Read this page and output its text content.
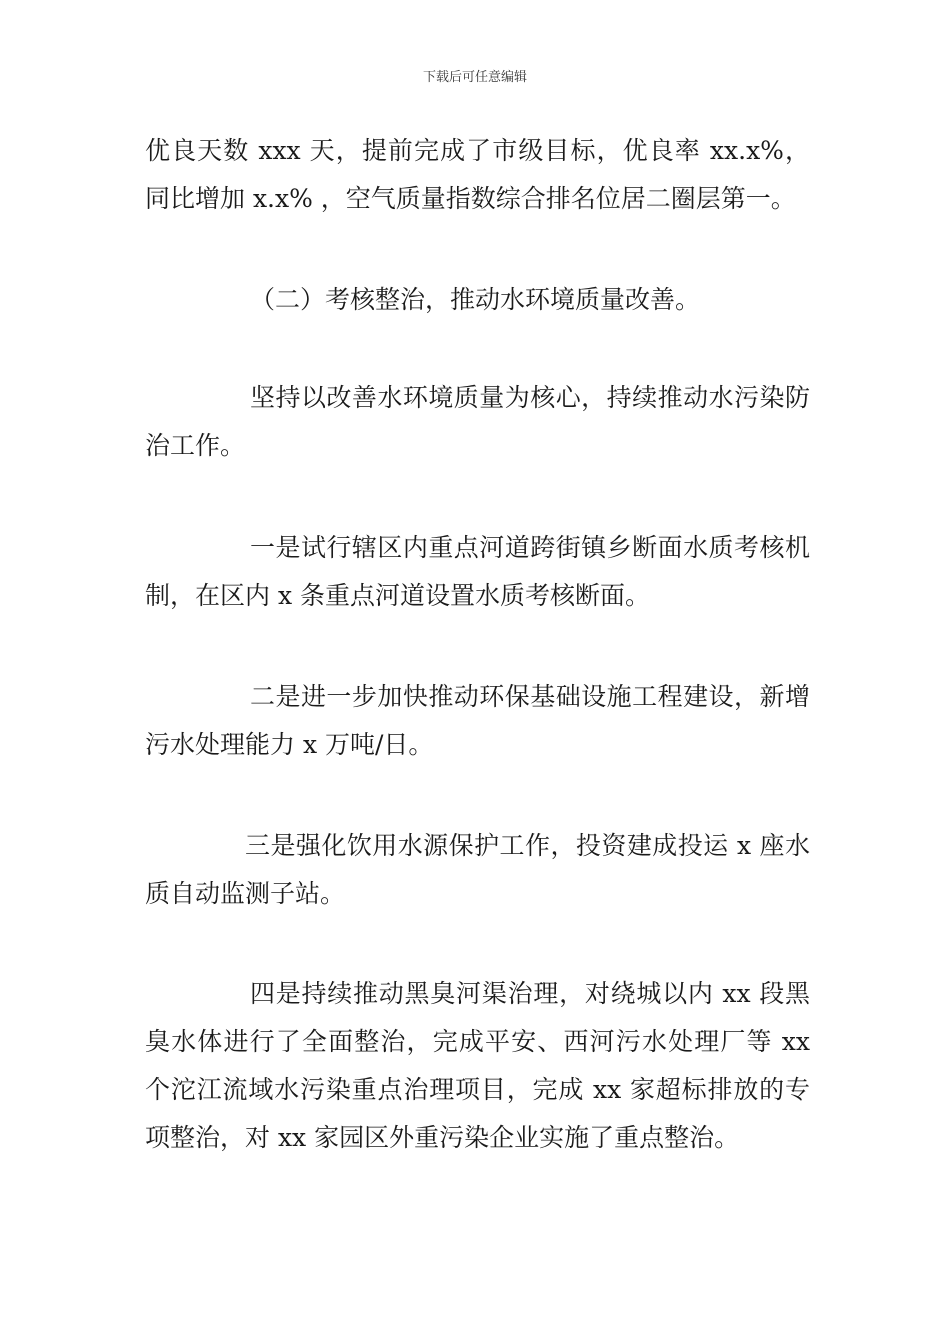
下载后可任意编辑

优良天数 xxx 天，提前完成了市级目标，优良率 xx.x%，同比增加 x.x% ，空气质量指数综合排名位居二圈层第一。

（二）考核整治，推动水环境质量改善。

坚持以改善水环境质量为核心，持续推动水污染防治工作。

一是试行辖区内重点河道跨街镇乡断面水质考核机制，在区内 x 条重点河道设置水质考核断面。

二是进一步加快推动环保基础设施工程建设，新增污水处理能力 x 万吨/日。

三是强化饮用水源保护工作，投资建成投运 x 座水质自动监测子站。

四是持续推动黑臭河渠治理，对绕城以内 xx 段黑臭水体进行了全面整治，完成平安、西河污水处理厂等 xx 个沱江流域水污染重点治理项目，完成 xx 家超标排放的专项整治，对 xx 家园区外重污染企业实施了重点整治。
